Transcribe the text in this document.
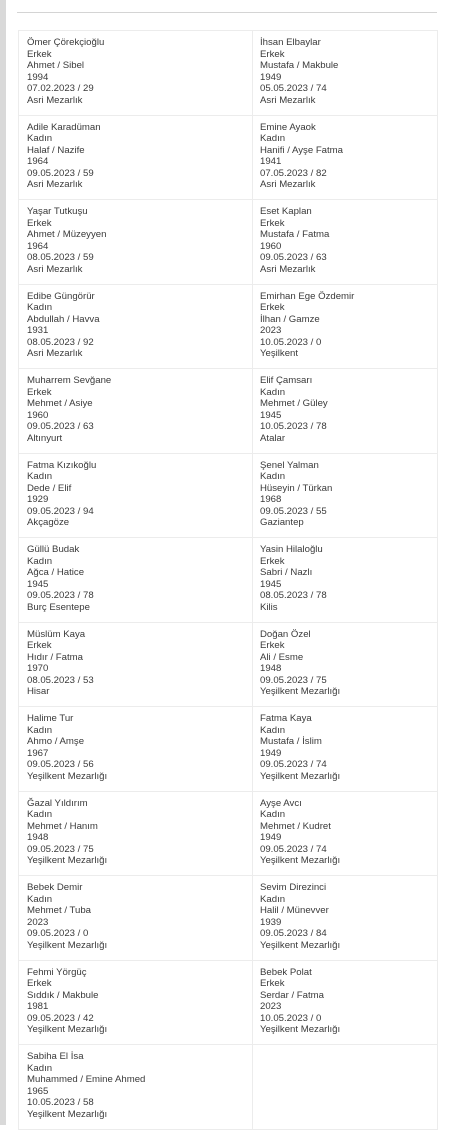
Ömer Çörekçioğlu
Erkek
Ahmet / Sibel
1994
07.02.2023 / 29
Asri Mezarlık
İhsan Elbaylar
Erkek
Mustafa / Makbule
1949
05.05.2023 / 74
Asri Mezarlık
Adile Karadüman
Kadın
Halaf / Nazife
1964
09.05.2023 / 59
Asri Mezarlık
Emine Ayaok
Kadın
Hanifi / Ayşe Fatma
1941
07.05.2023 / 82
Asri Mezarlık
Yaşar Tutkuşu
Erkek
Ahmet / Müzeyyen
1964
08.05.2023 / 59
Asri Mezarlık
Eset Kaplan
Erkek
Mustafa / Fatma
1960
09.05.2023 / 63
Asri Mezarlık
Edibe Güngörür
Kadın
Abdullah / Havva
1931
08.05.2023 / 92
Asri Mezarlık
Emirhan Ege Özdemir
Erkek
İlhan / Gamze
2023
10.05.2023 / 0
Yeşilkent
Muharrem Sevğane
Erkek
Mehmet / Asiye
1960
09.05.2023 / 63
Altınyurt
Elif Çamsarı
Kadın
Mehmet / Güley
1945
10.05.2023 / 78
Atalar
Fatma Kızıkoğlu
Kadın
Dede / Elif
1929
09.05.2023 / 94
Akçagöze
Şenel Yalman
Kadın
Hüseyin / Türkan
1968
09.05.2023 / 55
Gaziantep
Güllü Budak
Kadın
Ağca / Hatice
1945
09.05.2023 / 78
Burç Esentepe
Yasin Hilaloğlu
Erkek
Sabri / Nazlı
1945
08.05.2023 / 78
Kilis
Müslüm Kaya
Erkek
Hıdır / Fatma
1970
08.05.2023 / 53
Hisar
Doğan Özel
Erkek
Ali / Esme
1948
09.05.2023 / 75
Yeşilkent Mezarlığı
Halime Tur
Kadın
Ahmo / Amşe
1967
09.05.2023 / 56
Yeşilkent Mezarlığı
Fatma Kaya
Kadın
Mustafa / İslim
1949
09.05.2023 / 74
Yeşilkent Mezarlığı
Ğazal Yıldırım
Kadın
Mehmet / Hanım
1948
09.05.2023 / 75
Yeşilkent Mezarlığı
Ayşe Avcı
Kadın
Mehmet / Kudret
1949
09.05.2023 / 74
Yeşilkent Mezarlığı
Bebek Demir
Kadın
Mehmet / Tuba
2023
09.05.2023 / 0
Yeşilkent Mezarlığı
Sevim Direzinci
Kadın
Halil / Münevver
1939
09.05.2023 / 84
Yeşilkent Mezarlığı
Fehmi Yörgüç
Erkek
Sıddık / Makbule
1981
09.05.2023 / 42
Yeşilkent Mezarlığı
Bebek Polat
Erkek
Serdar / Fatma
2023
10.05.2023 / 0
Yeşilkent Mezarlığı
Sabiha El İsa
Kadın
Muhammed / Emine Ahmed
1965
10.05.2023 / 58
Yeşilkent Mezarlığı
